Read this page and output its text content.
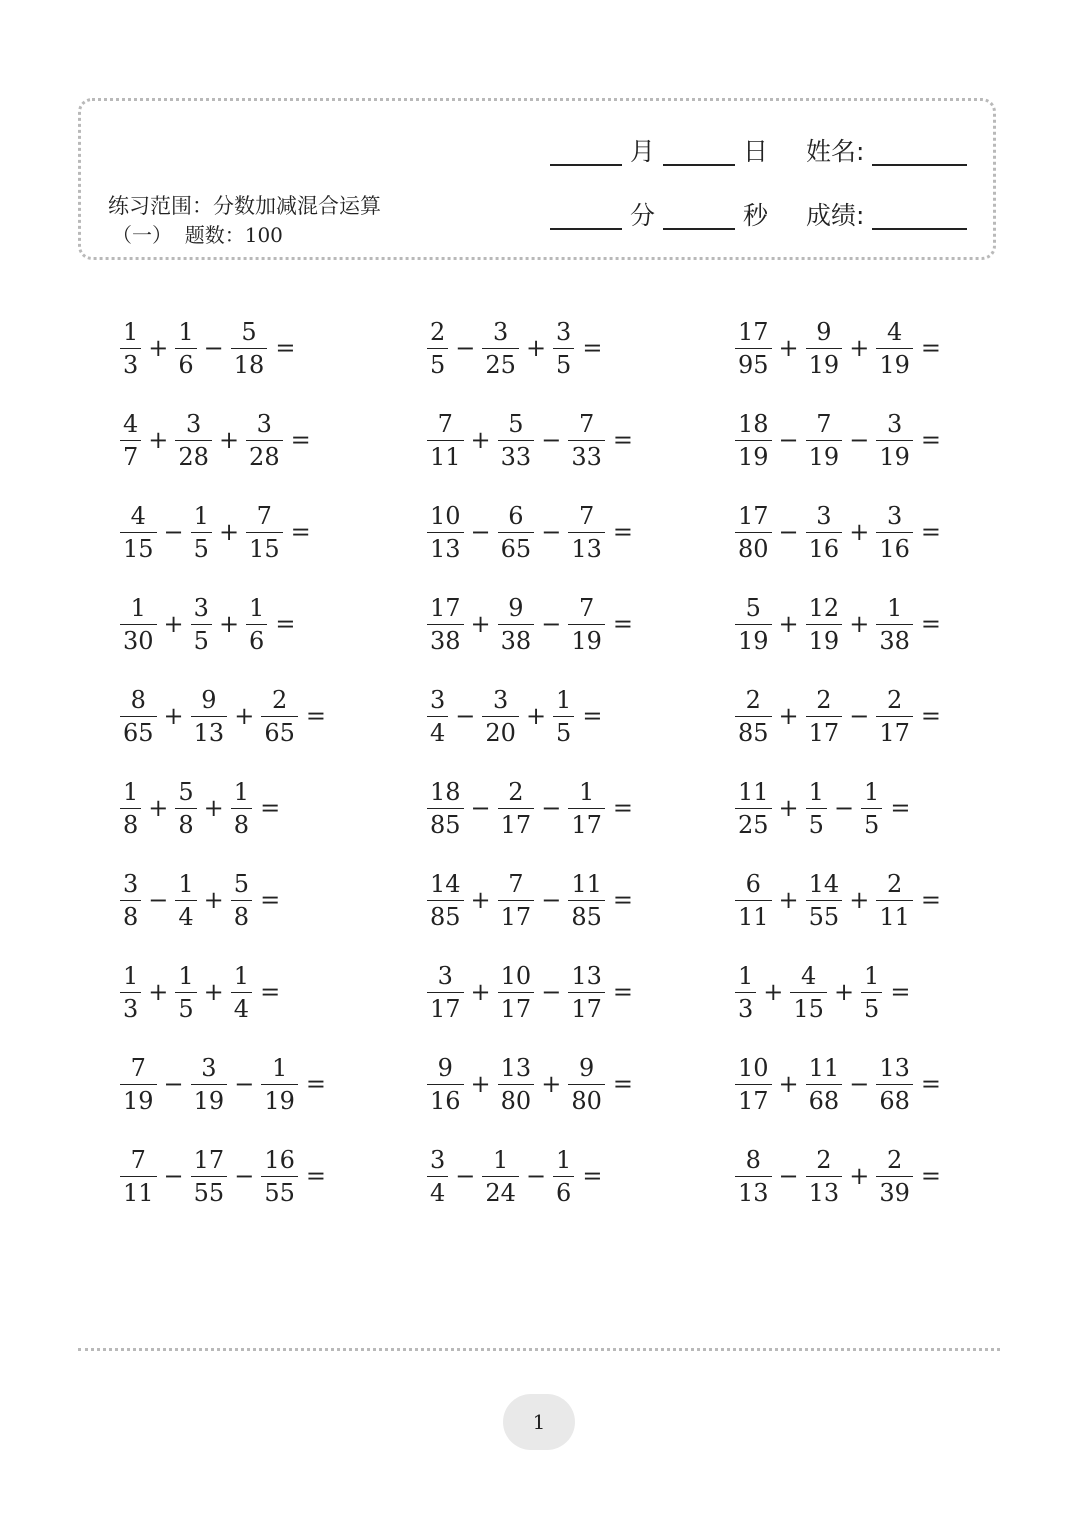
月	日 姓名:
分	秒 成绩:
练习范围：分数加减混合运算
（一） 题数：100
$\frac{1}{3} + \frac{1}{6} - \frac{5}{18}$ =	$\frac{2}{5} - \frac{3}{25} + \frac{3}{5}$ =	$\frac{17}{95} + \frac{9}{19} + \frac{4}{19}$ =
$\frac{4}{7} + \frac{3}{28} + \frac{3}{28}$ =	$\frac{7}{11} + \frac{5}{33} - \frac{7}{33}$ =	$\frac{18}{19} - \frac{7}{19} - \frac{3}{19}$ =
$\frac{4}{15} - \frac{1}{5} + \frac{7}{15}$ =	$\frac{10}{13} - \frac{6}{65} - \frac{7}{13}$ =	$\frac{17}{80} - \frac{3}{16} + \frac{3}{16}$ =
$\frac{1}{30} + \frac{3}{5} + \frac{1}{6}$ =	$\frac{17}{38} + \frac{9}{38} - \frac{7}{19}$ =	$\frac{5}{19} + \frac{12}{19} + \frac{1}{38}$ =
$\frac{8}{65} + \frac{9}{13} + \frac{2}{65}$ =	$\frac{3}{4} - \frac{3}{20} + \frac{1}{5}$ =	$\frac{2}{85} + \frac{2}{17} - \frac{2}{17}$ =
$\frac{1}{8} + \frac{5}{8} + \frac{1}{8}$ =	$\frac{18}{85} - \frac{2}{17} - \frac{1}{17}$ =	$\frac{11}{25} + \frac{1}{5} - \frac{1}{5}$ =
$\frac{3}{8} - \frac{1}{4} + \frac{5}{8}$ =	$\frac{14}{85} + \frac{7}{17} - \frac{11}{85}$ =	$\frac{6}{11} + \frac{14}{55} + \frac{2}{11}$ =
$\frac{1}{3} + \frac{1}{5} + \frac{1}{4}$ =	$\frac{3}{17} + \frac{10}{17} - \frac{13}{17}$ =	$\frac{1}{3} + \frac{4}{15} + \frac{1}{5}$ =
$\frac{7}{19} - \frac{3}{19} - \frac{1}{19}$ =	$\frac{9}{16} + \frac{13}{80} + \frac{9}{80}$ =	$\frac{10}{17} + \frac{11}{68} - \frac{13}{68}$ =
$\frac{7}{11} - \frac{17}{55} - \frac{16}{55}$ =	$\frac{3}{4} - \frac{1}{24} - \frac{1}{6}$ =	$\frac{8}{13} - \frac{2}{13} + \frac{2}{39}$ =
1
